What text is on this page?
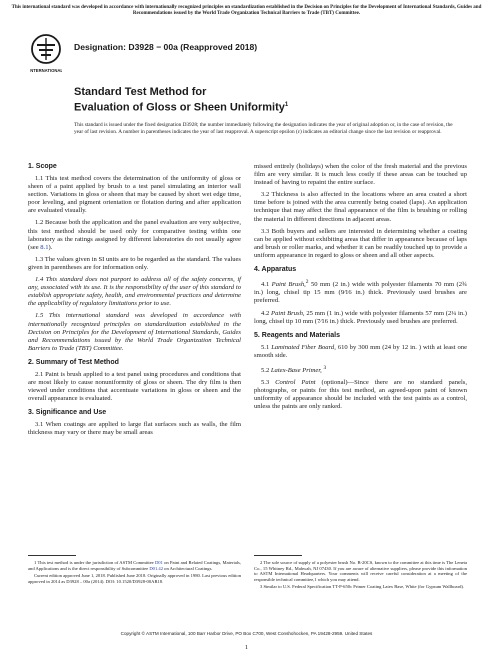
This international standard was developed in accordance with internationally recognized principles on standardization established in the Decision on Principles for the Development of International Standards, Guides and Recommendations issued by the World Trade Organization Technical Barriers to Trade (TBT) Committee.
INTERNATIONAL
Designation: D3928 − 00a (Reapproved 2018)
Standard Test Method for
Evaluation of Gloss or Sheen Uniformity$^1$
This standard is issued under the fixed designation D3928; the number immediately following the designation indicates the year of original adoption or, in the case of revision, the year of last revision. A number in parentheses indicates the year of last reapproval. A superscript epsilon (ε) indicates an editorial change since the last revision or reapproval.
1. Scope

1.1 This test method covers the determination of the uniformity of gloss or sheen of a paint applied by brush to a test panel simulating an interior wall section. Variations in gloss or sheen that may be caused by short wet edge time, poor leveling, and pigment orientation or flotation during and after application are evaluated visually.

1.2 Because both the application and the panel evaluation are very subjective, this test method should be used only for comparative testing within one laboratory as the ratings assigned by different laboratories do not usually agree (see 8.1).

1.3 The values given in SI units are to be regarded as the standard. The values given in parentheses are for information only.

1.4 This standard does not purport to address all of the safety concerns, if any, associated with its use. It is the responsibility of the user of this standard to establish appropriate safety, health, and environmental practices and determine the applicability of regulatory limitations prior to use.

1.5 This international standard was developed in accordance with internationally recognized principles on standardization established in the Decision on Principles for the Development of International Standards, Guides and Recommendations issued by the World Trade Organization Technical Barriers to Trade (TBT) Committee.

2. Summary of Test Method

2.1 Paint is brush applied to a test panel using procedures and conditions that are most likely to cause nonuniformity of gloss or sheen. The dry film is then viewed under conditions that accentuate variations in gloss or sheen and the overall appearance is evaluated.

3. Significance and Use

3.1 When coatings are applied to large flat surfaces such as walls, the film thickness may vary or there may be small areas

missed entirely (holidays) when the color of the fresh material and the previous film are very similar. It is much less costly if these areas can be touched up instead of having to repaint the entire surface.

3.2 Thickness is also affected in the locations where an area coated a short time before is joined with the area currently being coated (laps). An application technique that may affect the final appearance of the film is brushing or rolling the material in different directions in adjacent areas.

3.3 Both buyers and sellers are interested in determining whether a coating can be applied without exhibiting areas that differ in appearance because of laps and brush or roller marks, and whether it can be readily touched up to provide a uniform appearance in regard to gloss or sheen and all other aspects.

4. Apparatus

4.1 Paint Brush,$^2$ 50 mm (2 in.) wide with polyester filaments 70 mm (2¾ in.) long, chisel tip 15 mm (9⁄16 in.) thick. Previously used brushes are preferred.

4.2 Paint Brush, 25 mm (1 in.) wide with polyester filaments 57 mm (2¼ in.) long, chisel tip 10 mm (7⁄16 in.) thick. Previously used brushes are preferred.

5. Reagents and Materials

5.1 Laminated Fiber Board, 610 by 300 mm (24 by 12 in. ) with at least one smooth side.

5.2 Latex-Base Primer, $^3$

5.3 Control Paint (optional)—Since there are no standard panels, photographs, or paints for this test method, an agreed-upon paint of known uniformity of appearance should be included with the test paints as a control, unless the paints are only ranked.

1 This test method is under the jurisdiction of ASTM Committee D01 on Paint and Related Coatings, Materials, and Applications and is the direct responsibility of Subcommittee D01.42 on Architectural Coatings.

Current edition approved June 1, 2018. Published June 2018. Originally approved in 1980. Last previous edition approved in 2014 as D3928 – 00a (2014). DOI: 10.1520/D3928-00AR18.

2 The sole source of supply of a polyester brush No. B-20CS, known to the committee at this time is The Leneta Co., 15 Whitney Rd., Mahwah, NJ 07430. If you are aware of alternative suppliers, please provide this information to ASTM International Headquarters. Your comments will receive careful consideration at a meeting of the responsible technical committee,1 which you may attend.

3 Similar to U.S. Federal Specification TT-P-650c Primer Coating Latex Base, White (for Gypsum Wallboard).

Copyright © ASTM International, 100 Barr Harbor Drive, PO Box C700, West Conshohocken, PA 19428-2959. United States
1
